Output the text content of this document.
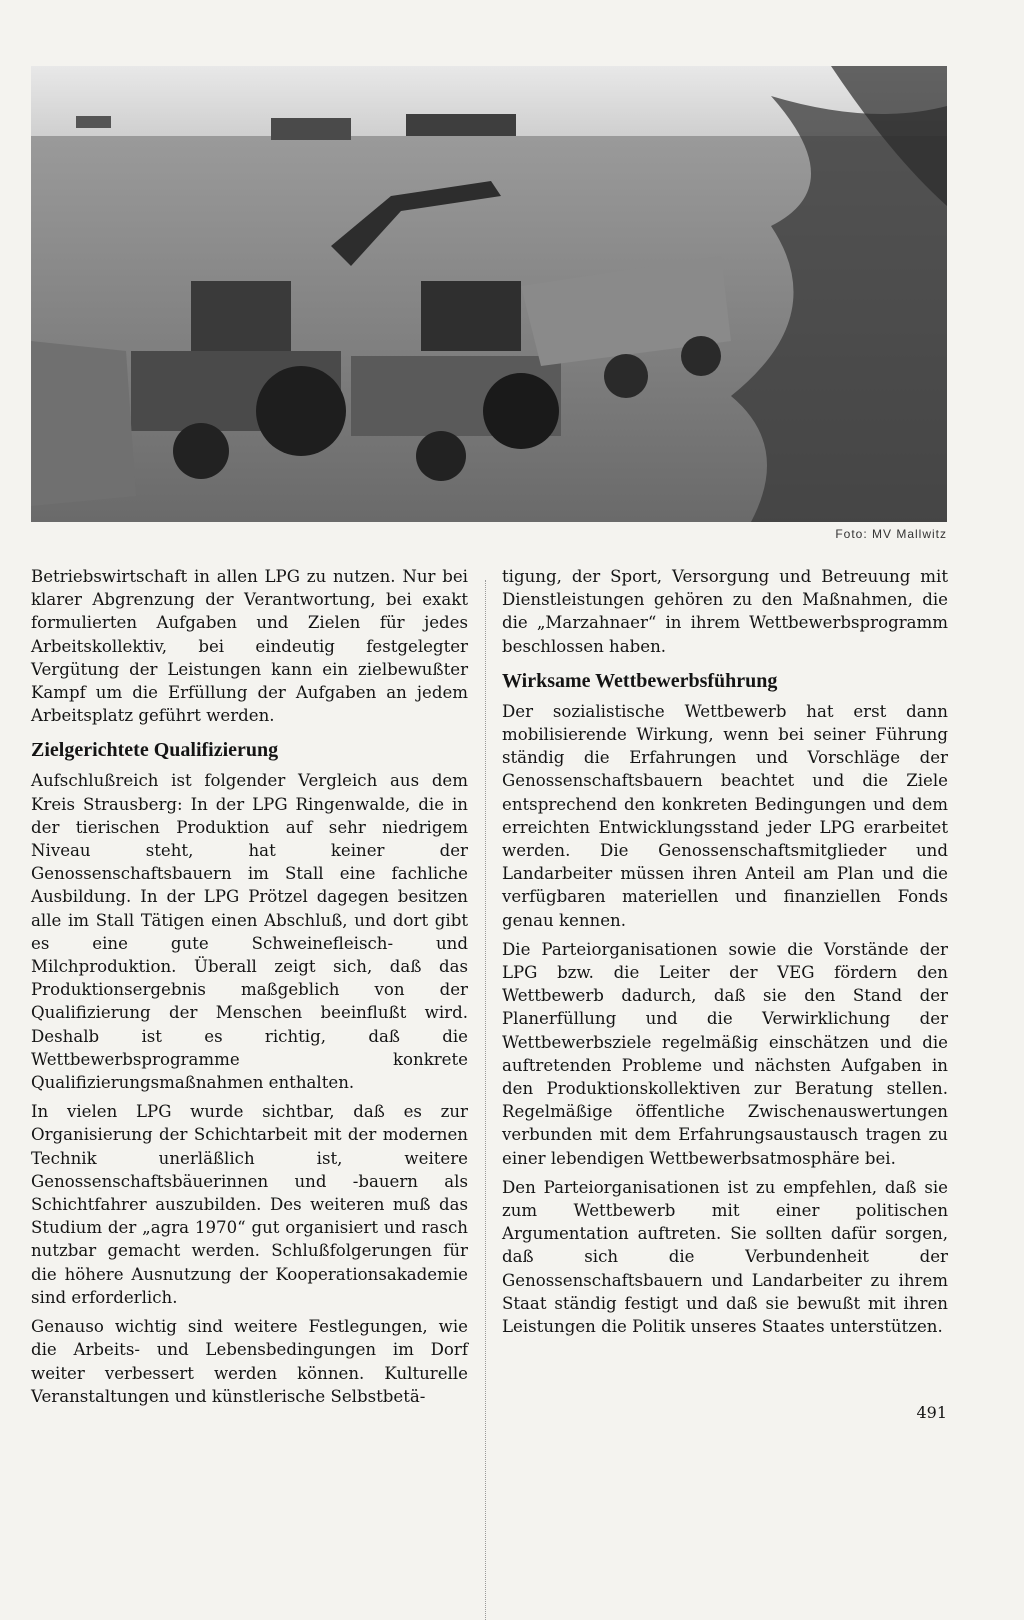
Foto: MV Mallwitz

Betriebswirtschaft in allen LPG zu nutzen. Nur bei klarer Abgrenzung der Verantwortung, bei exakt formulierten Aufgaben und Zielen für jedes Arbeitskollektiv, bei eindeutig festgelegter Vergütung der Leistungen kann ein zielbewußter Kampf um die Erfüllung der Aufgaben an jedem Arbeitsplatz geführt werden.

Zielgerichtete Qualifizierung

Aufschlußreich ist folgender Vergleich aus dem Kreis Strausberg: In der LPG Ringenwalde, die in der tierischen Produktion auf sehr niedrigem Niveau steht, hat keiner der Genossenschaftsbauern im Stall eine fachliche Ausbildung. In der LPG Prötzel dagegen besitzen alle im Stall Tätigen einen Abschluß, und dort gibt es eine gute Schweinefleisch- und Milchproduktion. Überall zeigt sich, daß das Produktionsergebnis maßgeblich von der Qualifizierung der Menschen beeinflußt wird. Deshalb ist es richtig, daß die Wettbewerbsprogramme konkrete Qualifizierungsmaßnahmen enthalten.

In vielen LPG wurde sichtbar, daß es zur Organisierung der Schichtarbeit mit der modernen Technik unerläßlich ist, weitere Genossenschaftsbäuerinnen und -bauern als Schichtfahrer auszubilden. Des weiteren muß das Studium der „agra 1970“ gut organisiert und rasch nutzbar gemacht werden. Schlußfolgerungen für die höhere Ausnutzung der Kooperationsakademie sind erforderlich.

Genauso wichtig sind weitere Festlegungen, wie die Arbeits- und Lebensbedingungen im Dorf weiter verbessert werden können. Kulturelle Veranstaltungen und künstlerische Selbstbetä-

tigung, der Sport, Versorgung und Betreuung mit Dienstleistungen gehören zu den Maßnahmen, die die „Marzahnaer“ in ihrem Wettbewerbsprogramm beschlossen haben.

Wirksame Wettbewerbsführung

Der sozialistische Wettbewerb hat erst dann mobilisierende Wirkung, wenn bei seiner Führung ständig die Erfahrungen und Vorschläge der Genossenschaftsbauern beachtet und die Ziele entsprechend den konkreten Bedingungen und dem erreichten Entwicklungsstand jeder LPG erarbeitet werden. Die Genossenschaftsmitglieder und Landarbeiter müssen ihren Anteil am Plan und die verfügbaren materiellen und finanziellen Fonds genau kennen.

Die Parteiorganisationen sowie die Vorstände der LPG bzw. die Leiter der VEG fördern den Wettbewerb dadurch, daß sie den Stand der Planerfüllung und die Verwirklichung der Wettbewerbsziele regelmäßig einschätzen und die auftretenden Probleme und nächsten Aufgaben in den Produktionskollektiven zur Beratung stellen. Regelmäßige öffentliche Zwischenauswertungen verbunden mit dem Erfahrungsaustausch tragen zu einer lebendigen Wettbewerbsatmosphäre bei.

Den Parteiorganisationen ist zu empfehlen, daß sie zum Wettbewerb mit einer politischen Argumentation auftreten. Sie sollten dafür sorgen, daß sich die Verbundenheit der Genossenschaftsbauern und Landarbeiter zu ihrem Staat ständig festigt und daß sie bewußt mit ihren Leistungen die Politik unseres Staates unterstützen.

491
